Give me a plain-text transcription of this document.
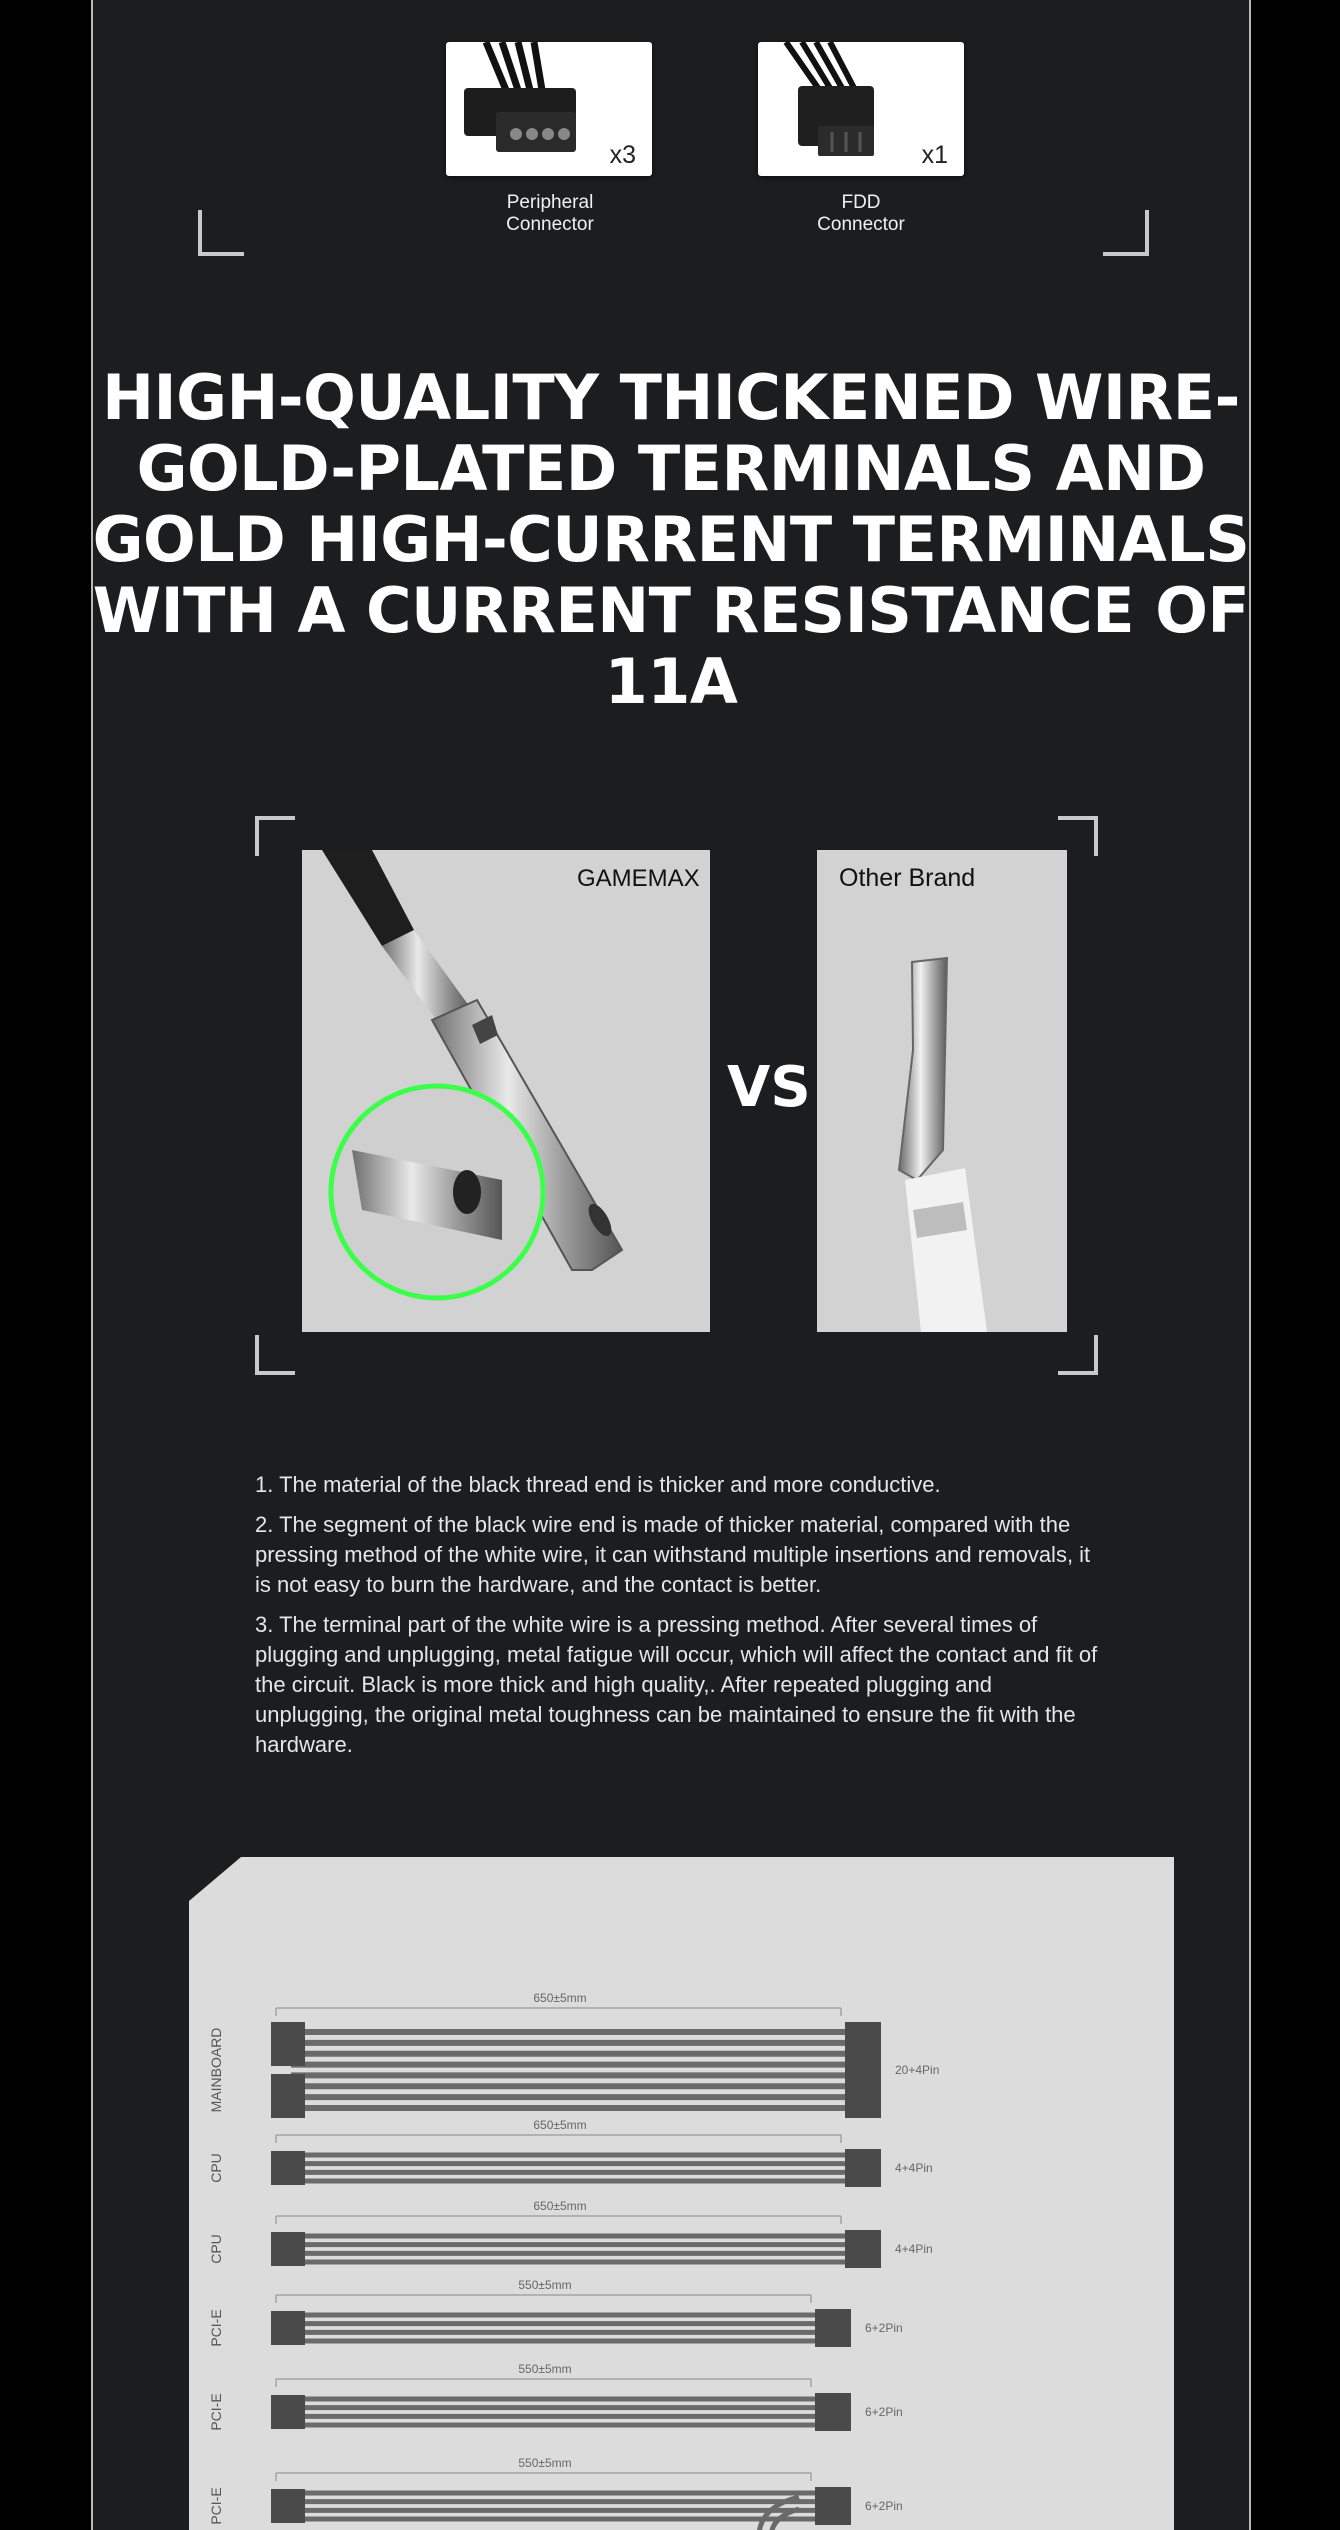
x3
Peripheral
Connector
x1
FDD
Connector
GAMEMAX
VS
Other Brand

1. The material of the black thread end is thicker and more conductive.

2. The segment of the black wire end is made of thicker material, compared with the pressing method of the white wire, it can withstand multiple insertions and removals, it is not easy to burn the hardware, and the contact is better.

3. The terminal part of the white wire is a pressing method. After several times of plugging and unplugging, metal fatigue will occur, which will affect the contact and fit of the circuit. Black is more thick and high quality,. After repeated plugging and unplugging, the original metal toughness can be maintained to ensure the fit with the hardware.

650±5mm
MAINBOARD	20+4Pin
650±5mm
CPU	4+4Pin
650±5mm
CPU	4+4Pin
550±5mm
PCI-E	6+2Pin
550±5mm
PCI-E	6+2Pin
550±5mm
PCI-E	6+2Pin
HIGH-QUALITY THICKENED WIRE-GOLD-PLATED TERMINALS AND GOLD HIGH-CURRENT TERMINALS WITH A CURRENT RESISTANCE OF 11A
